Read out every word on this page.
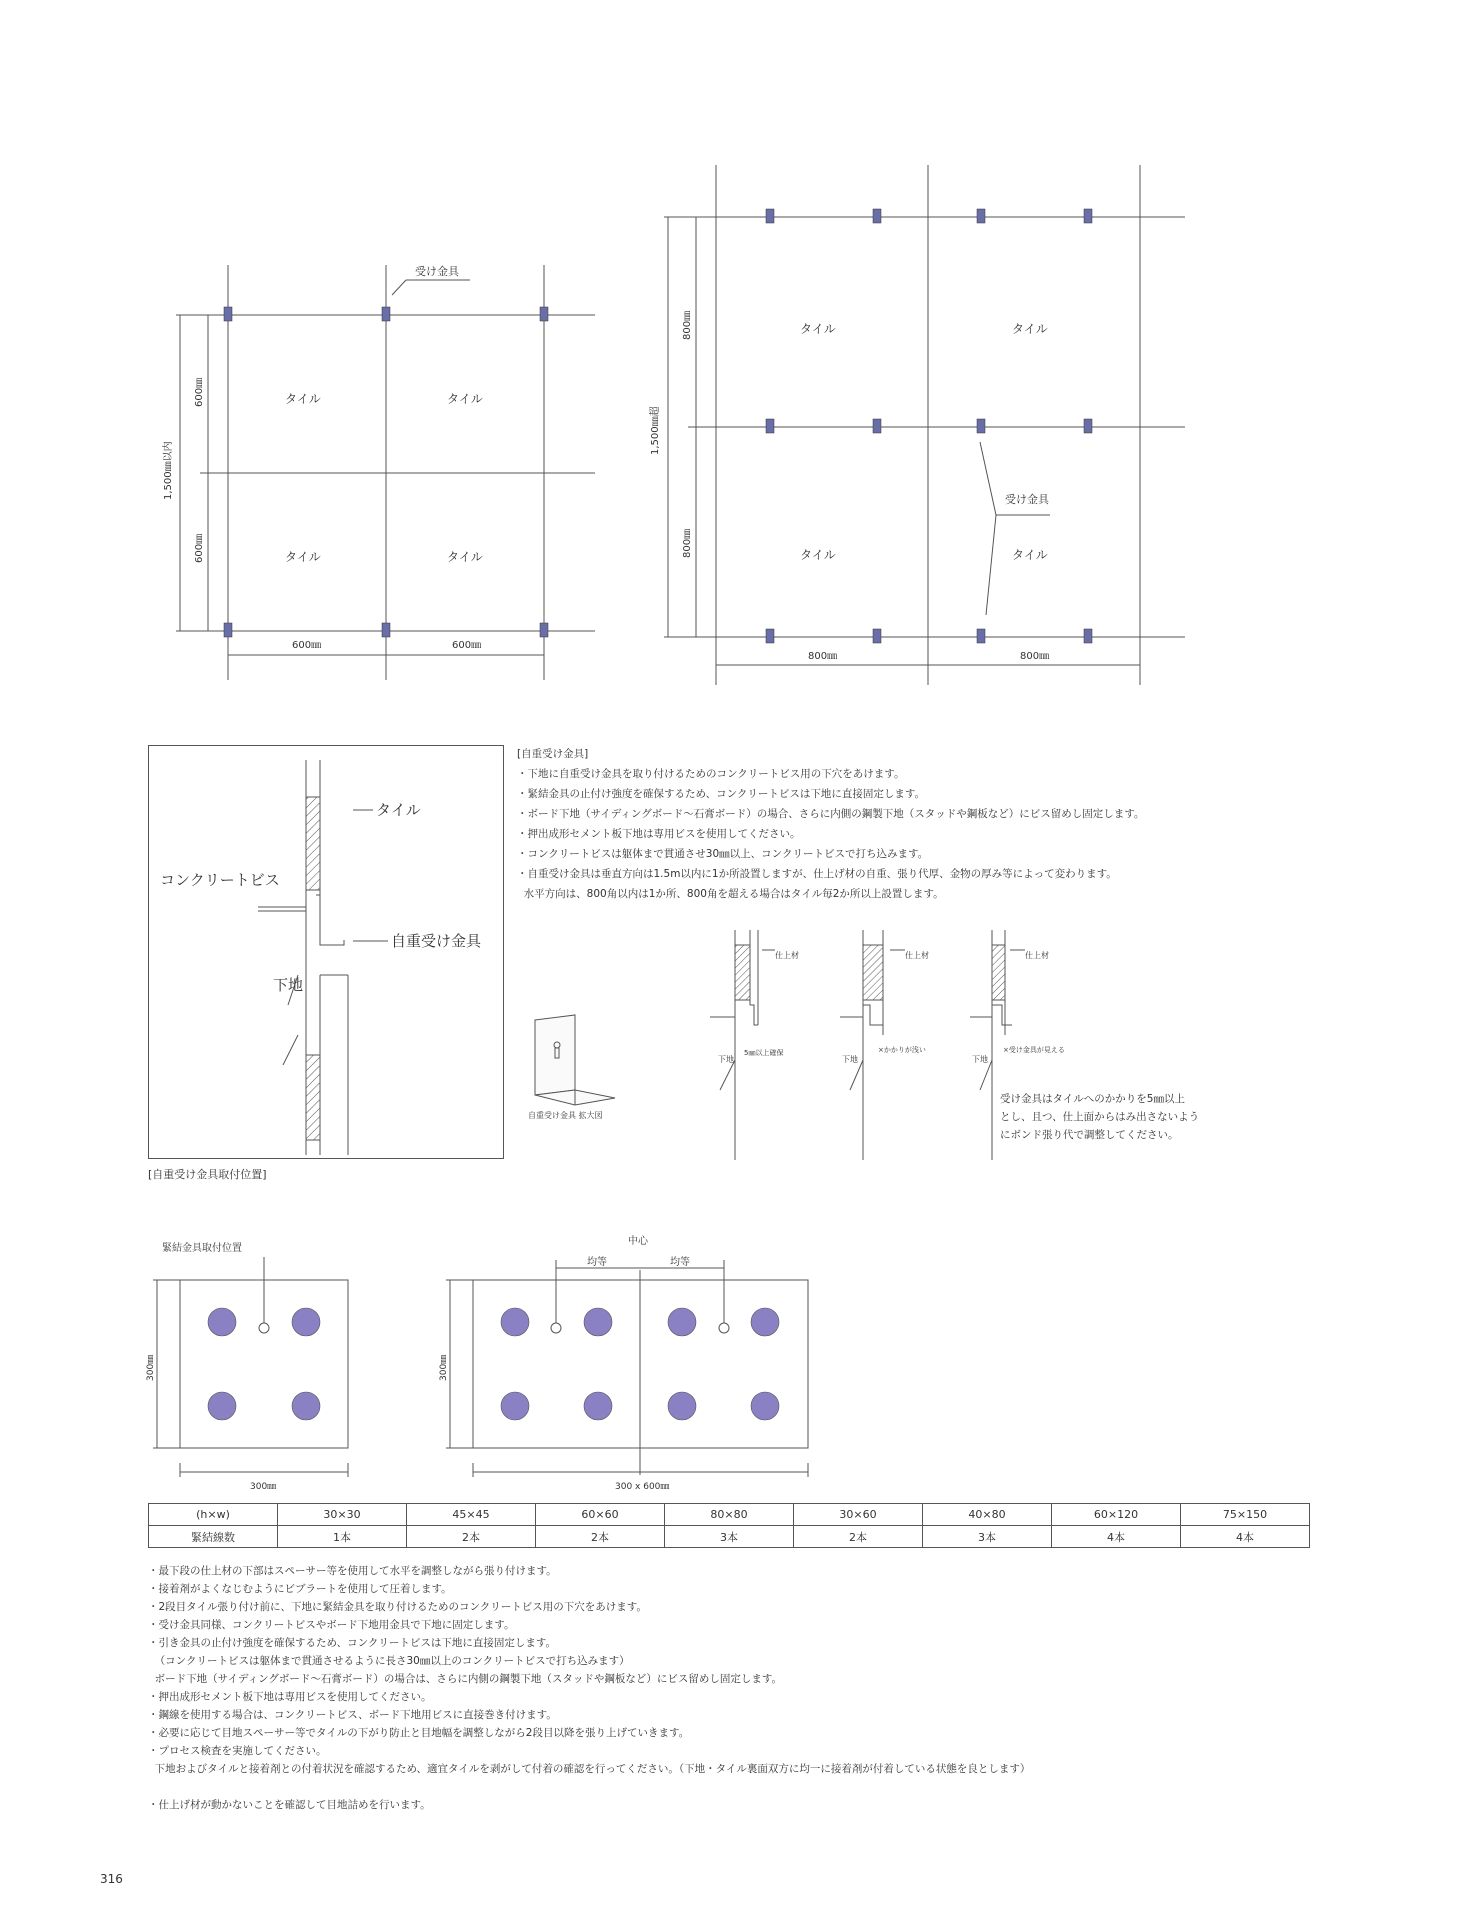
受け金具
タイル	タイル
タイル	タイル
600㎜	600㎜
600㎜
600㎜
1,500㎜以内
タイル	タイル
タイル	タイル
受け金具
800㎜	800㎜
800㎜
800㎜
1,500㎜超
タイル
コンクリートビス
自重受け金具
下地
[自重受け金具取付位置]
自重受け金具 拡大図

[自重受け金具]

・下地に自重受け金具を取り付けるためのコンクリートビス用の下穴をあけます。

・緊結金具の止付け強度を確保するため、コンクリートビスは下地に直接固定します。

・ボード下地（サイディングボード～石膏ボード）の場合、さらに内側の鋼製下地（スタッドや鋼板など）にビス留めし固定します。

・押出成形セメント板下地は専用ビスを使用してください。

・コンクリートビスは躯体まで貫通させ30㎜以上、コンクリートビスで打ち込みます。

・自重受け金具は垂直方向は1.5m以内に1か所設置しますが、仕上げ材の自重、張り代厚、金物の厚み等によって変わります。

水平方向は、800角以内は1か所、800角を超える場合はタイル毎2か所以上設置します。

仕上材
下地
5㎜以上確保
仕上材
下地
×かかりが浅い
仕上材
下地
×受け金具が見える
受け金具はタイルへのかかりを5㎜以上
とし、且つ、仕上面からはみ出さないよう
にボンド張り代で調整してください。
緊結金具取付位置
中心
均等	均等
300㎜
300㎜
300 x 600㎜
300㎜
(h×w)	30×30	45×45	60×60	80×80	30×60	40×80	60×120	75×150
緊結線数	1本	2本	2本	3本	2本	3本	4本	4本

・最下段の仕上材の下部はスペーサー等を使用して水平を調整しながら張り付けます。

・接着剤がよくなじむようにビブラートを使用して圧着します。

・2段目タイル張り付け前に、下地に緊結金具を取り付けるためのコンクリートビス用の下穴をあけます。

・受け金具同様、コンクリートビスやボード下地用金具で下地に固定します。

・引き金具の止付け強度を確保するため、コンクリートビスは下地に直接固定します。

（コンクリートビスは躯体まで貫通させるように長さ30㎜以上のコンクリートビスで打ち込みます）

ボード下地（サイディングボード～石膏ボード）の場合は、さらに内側の鋼製下地（スタッドや鋼板など）にビス留めし固定します。

・押出成形セメント板下地は専用ビスを使用してください。

・鋼線を使用する場合は、コンクリートビス、ボード下地用ビスに直接巻き付けます。

・必要に応じて目地スペーサー等でタイルの下がり防止と目地幅を調整しながら2段目以降を張り上げていきます。

・プロセス検査を実施してください。

下地およびタイルと接着剤との付着状況を確認するため、適宜タイルを剥がして付着の確認を行ってください。（下地・タイル裏面双方に均一に接着剤が付着している状態を良とします）

・仕上げ材が動かないことを確認して目地詰めを行います。

316
